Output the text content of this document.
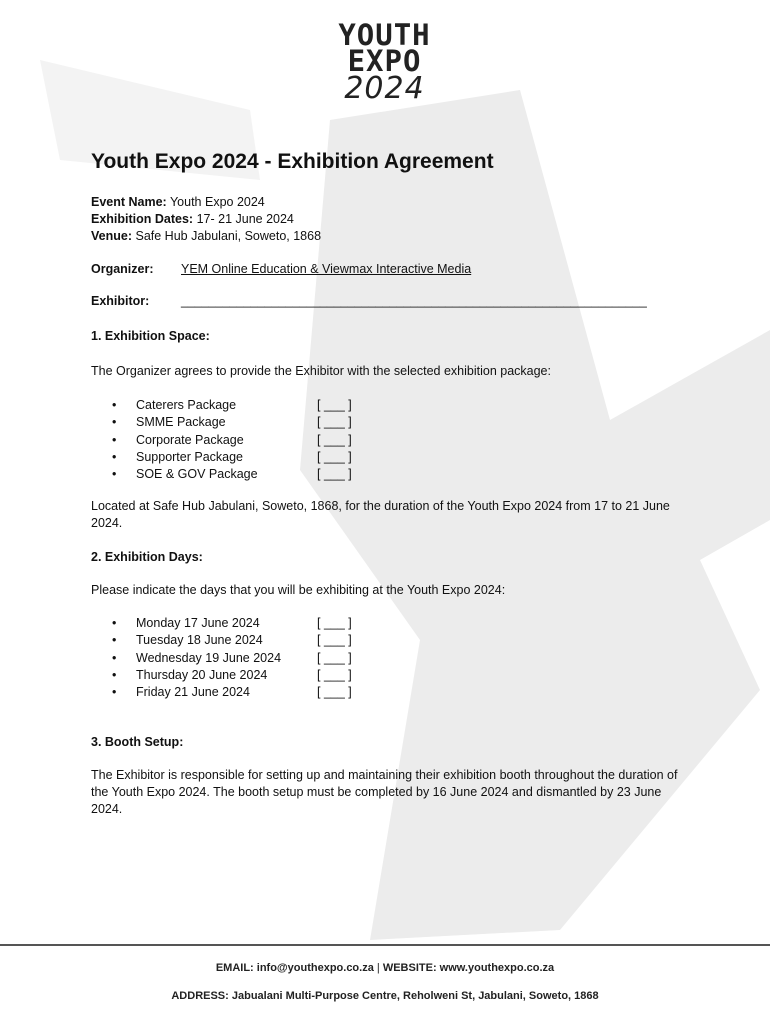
YOUTH
EXPO
2024
Youth Expo 2024 - Exhibition Agreement
Event Name: Youth Expo 2024
Exhibition Dates: 17- 21 June 2024
Venue: Safe Hub Jabulani, Soweto, 1868
Organizer: YEM Online Education & Viewmax Interactive Media
Exhibitor:	___________________________________________________________________
1. Exhibition Space:
The Organizer agrees to provide the Exhibitor with the selected exhibition package:
•	Caterers Package	[ ___ ]
•	SMME Package	[ ___ ]
•	Corporate Package	[ ___ ]
•	Supporter Package	[ ___ ]
•	SOE & GOV Package	[ ___ ]
Located at Safe Hub Jabulani, Soweto, 1868, for the duration of the Youth Expo 2024 from 17 to 21 June 2024.
2. Exhibition Days:
Please indicate the days that you will be exhibiting at the Youth Expo 2024:
•	Monday 17 June 2024	[ ___ ]
•	Tuesday 18 June 2024	[ ___ ]
•	Wednesday 19 June 2024	[ ___ ]
•	Thursday 20 June 2024	[ ___ ]
•	Friday 21 June 2024	[ ___ ]
3. Booth Setup:
The Exhibitor is responsible for setting up and maintaining their exhibition booth throughout the duration of the Youth Expo 2024. The booth setup must be completed by 16 June 2024 and dismantled by 23 June 2024.
EMAIL: info@youthexpo.co.za | WEBSITE: www.youthexpo.co.za
ADDRESS: Jabualani Multi-Purpose Centre, Reholweni St, Jabulani, Soweto, 1868
